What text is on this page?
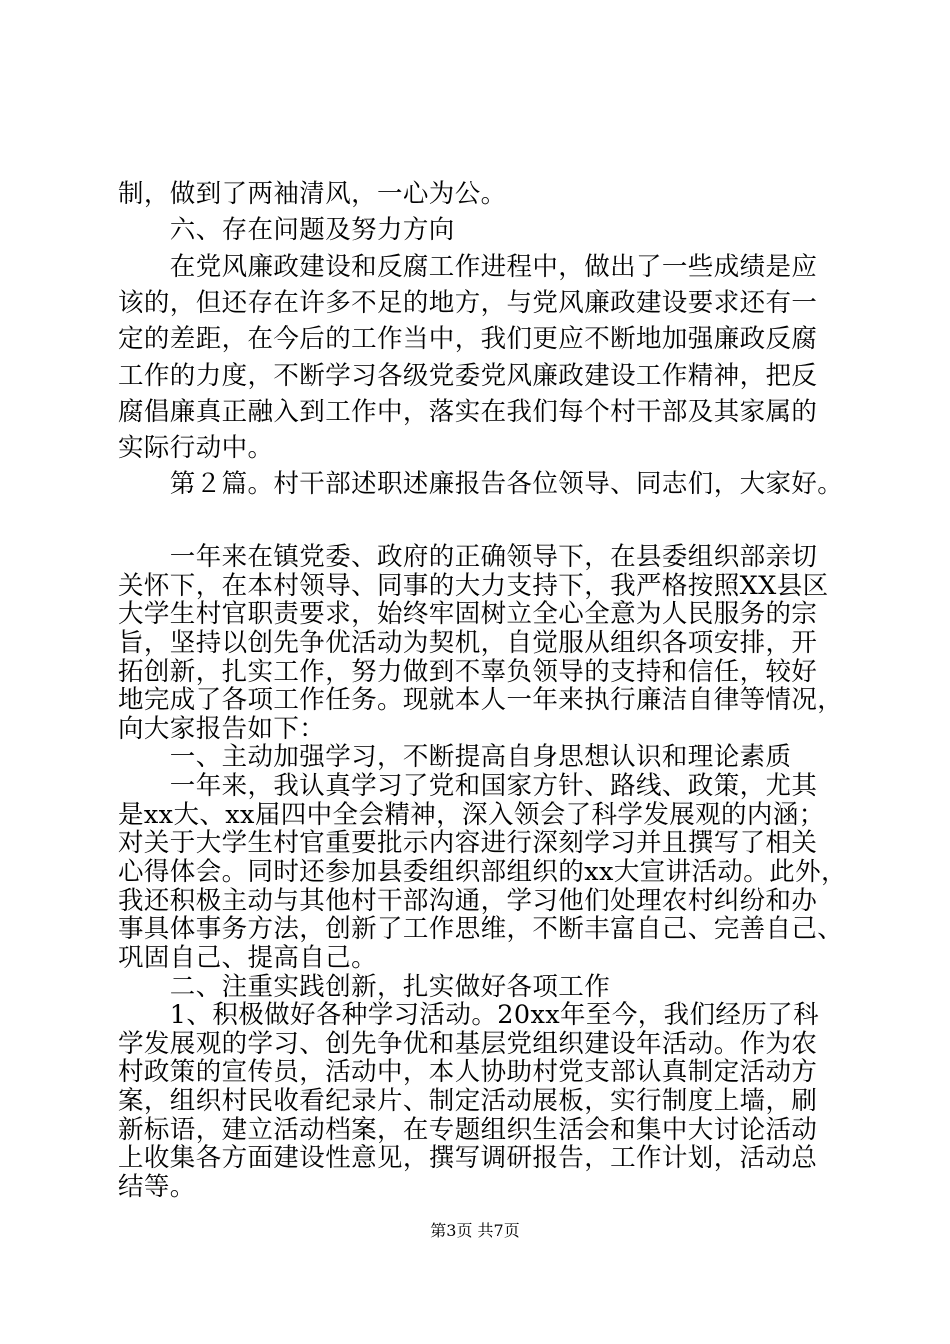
制，做到了两袖清风，一心为公。
　　六、存在问题及努力方向
　　在党风廉政建设和反腐工作进程中，做出了一些成绩是应
该的，但还存在许多不足的地方，与党风廉政建设要求还有一
定的差距，在今后的工作当中，我们更应不断地加强廉政反腐
工作的力度，不断学习各级党委党风廉政建设工作精神，把反
腐倡廉真正融入到工作中，落实在我们每个村干部及其家属的
实际行动中。
　　第２篇。村干部述职述廉报告各位领导、同志们，大家好。
　　一年来在镇党委、政府的正确领导下，在县委组织部亲切
关怀下，在本村领导、同事的大力支持下，我严格按照XX县区
大学生村官职责要求，始终牢固树立全心全意为人民服务的宗
旨，坚持以创先争优活动为契机，自觉服从组织各项安排，开
拓创新，扎实工作，努力做到不辜负领导的支持和信任，较好
地完成了各项工作任务。现就本人一年来执行廉洁自律等情况，
向大家报告如下：
　　一、主动加强学习，不断提高自身思想认识和理论素质
　　一年来，我认真学习了党和国家方针、路线、政策，尤其
是xx大、xx届四中全会精神，深入领会了科学发展观的内涵；
对关于大学生村官重要批示内容进行深刻学习并且撰写了相关
心得体会。同时还参加县委组织部组织的xx大宣讲活动。此外，
我还积极主动与其他村干部沟通，学习他们处理农村纠纷和办
事具体事务方法，创新了工作思维，不断丰富自己、完善自己、
巩固自己、提高自己。
　　二、注重实践创新，扎实做好各项工作
　　1、积极做好各种学习活动。20xx年至今，我们经历了科
学发展观的学习、创先争优和基层党组织建设年活动。作为农
村政策的宣传员，活动中，本人协助村党支部认真制定活动方
案，组织村民收看纪录片、制定活动展板，实行制度上墙，刷
新标语，建立活动档案，在专题组织生活会和集中大讨论活动
上收集各方面建设性意见，撰写调研报告，工作计划，活动总
结等。
第3页 共7页
